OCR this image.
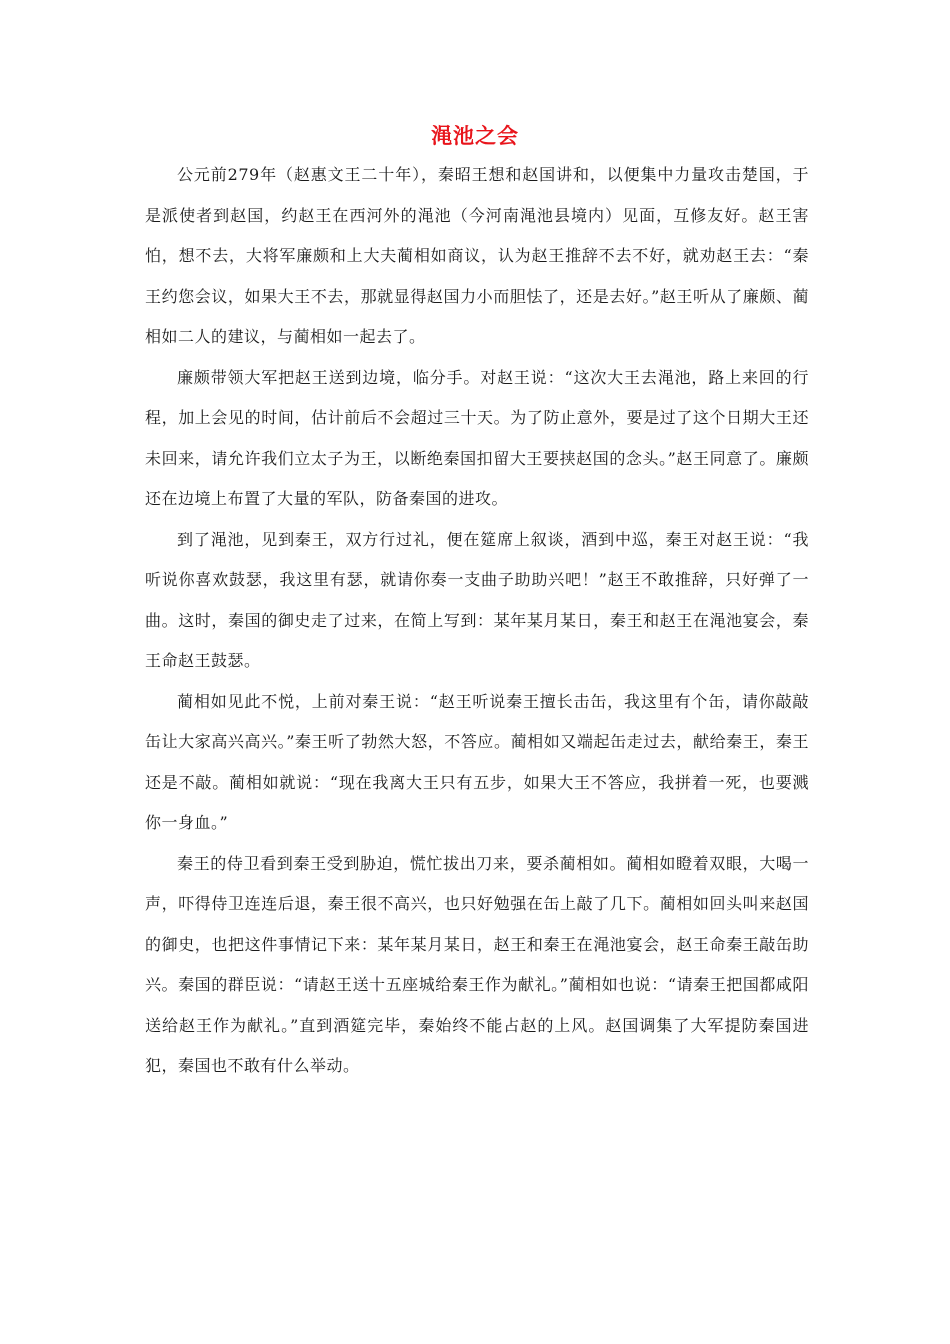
渑池之会

公元前279年（赵惠文王二十年），秦昭王想和赵国讲和，以便集中力量攻击楚国，于是派使者到赵国，约赵王在西河外的渑池（今河南渑池县境内）见面，互修友好。赵王害怕，想不去，大将军廉颇和上大夫蔺相如商议，认为赵王推辞不去不好，就劝赵王去：“秦王约您会议，如果大王不去，那就显得赵国力小而胆怯了，还是去好。”赵王听从了廉颇、蔺相如二人的建议，与蔺相如一起去了。

廉颇带领大军把赵王送到边境，临分手。对赵王说：“这次大王去渑池，路上来回的行程，加上会见的时间，估计前后不会超过三十天。为了防止意外，要是过了这个日期大王还未回来，请允许我们立太子为王，以断绝秦国扣留大王要挟赵国的念头。”赵王同意了。廉颇还在边境上布置了大量的军队，防备秦国的进攻。

到了渑池，见到秦王，双方行过礼，便在筵席上叙谈，酒到中巡，秦王对赵王说：“我听说你喜欢鼓瑟，我这里有瑟，就请你奏一支曲子助助兴吧！”赵王不敢推辞，只好弹了一曲。这时，秦国的御史走了过来，在简上写到：某年某月某日，秦王和赵王在渑池宴会，秦王命赵王鼓瑟。

蔺相如见此不悦，上前对秦王说：“赵王听说秦王擅长击缶，我这里有个缶，请你敲敲缶让大家高兴高兴。”秦王听了勃然大怒，不答应。蔺相如又端起缶走过去，献给秦王，秦王还是不敲。蔺相如就说：“现在我离大王只有五步，如果大王不答应，我拼着一死，也要溅你一身血。”

秦王的侍卫看到秦王受到胁迫，慌忙拔出刀来，要杀蔺相如。蔺相如瞪着双眼，大喝一声，吓得侍卫连连后退，秦王很不高兴，也只好勉强在缶上敲了几下。蔺相如回头叫来赵国的御史，也把这件事情记下来：某年某月某日，赵王和秦王在渑池宴会，赵王命秦王敲缶助兴。秦国的群臣说：“请赵王送十五座城给秦王作为献礼。”蔺相如也说：“请秦王把国都咸阳送给赵王作为献礼。”直到酒筵完毕，秦始终不能占赵的上风。赵国调集了大军提防秦国进犯，秦国也不敢有什么举动。
